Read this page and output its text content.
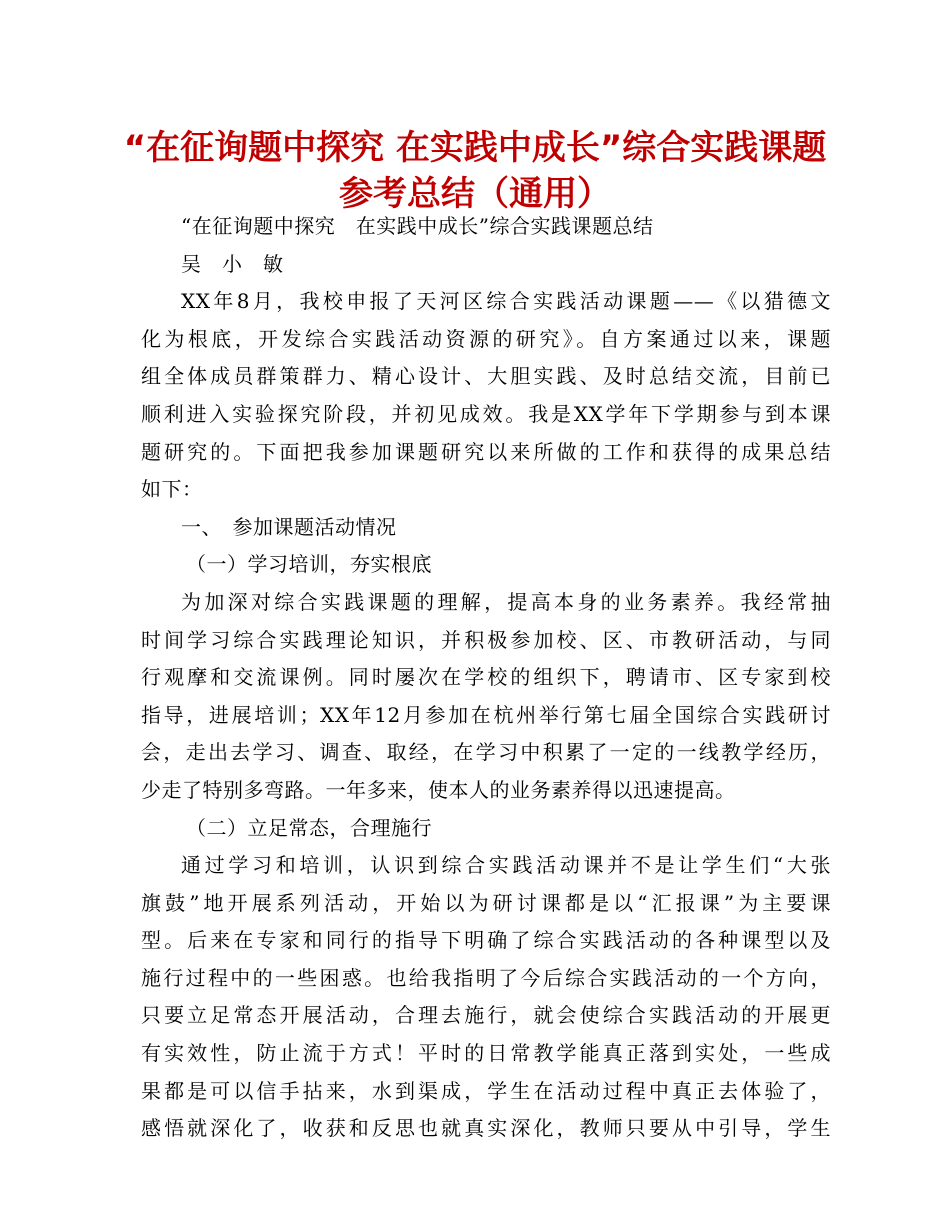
“在征询题中探究 在实践中成长”综合实践课题
参考总结（通用）
“在征询题中探究　在实践中成长”综合实践课题总结
吴　小　敏
XX年8月，我校申报了天河区综合实践活动课题——《以猎德文
化为根底，开发综合实践活动资源的研究》。自方案通过以来，课题
组全体成员群策群力、精心设计、大胆实践、及时总结交流，目前已
顺利进入实验探究阶段，并初见成效。我是XX学年下学期参与到本课
题研究的。下面把我参加课题研究以来所做的工作和获得的成果总结
如下：
一、　参加课题活动情况
（一）学习培训，夯实根底
为加深对综合实践课题的理解，提高本身的业务素养。我经常抽
时间学习综合实践理论知识，并积极参加校、区、市教研活动，与同
行观摩和交流课例。同时屡次在学校的组织下，聘请市、区专家到校
指导，进展培训；XX年12月参加在杭州举行第七届全国综合实践研讨
会，走出去学习、调查、取经，在学习中积累了一定的一线教学经历，
少走了特别多弯路。一年多来，使本人的业务素养得以迅速提高。
（二）立足常态，合理施行
通过学习和培训，认识到综合实践活动课并不是让学生们“大张
旗鼓”地开展系列活动，开始以为研讨课都是以“汇报课”为主要课
型。后来在专家和同行的指导下明确了综合实践活动的各种课型以及
施行过程中的一些困惑。也给我指明了今后综合实践活动的一个方向，
只要立足常态开展活动，合理去施行，就会使综合实践活动的开展更
有实效性，防止流于方式！平时的日常教学能真正落到实处，一些成
果都是可以信手拈来，水到渠成，学生在活动过程中真正去体验了，
感悟就深化了，收获和反思也就真实深化，教师只要从中引导，学生
